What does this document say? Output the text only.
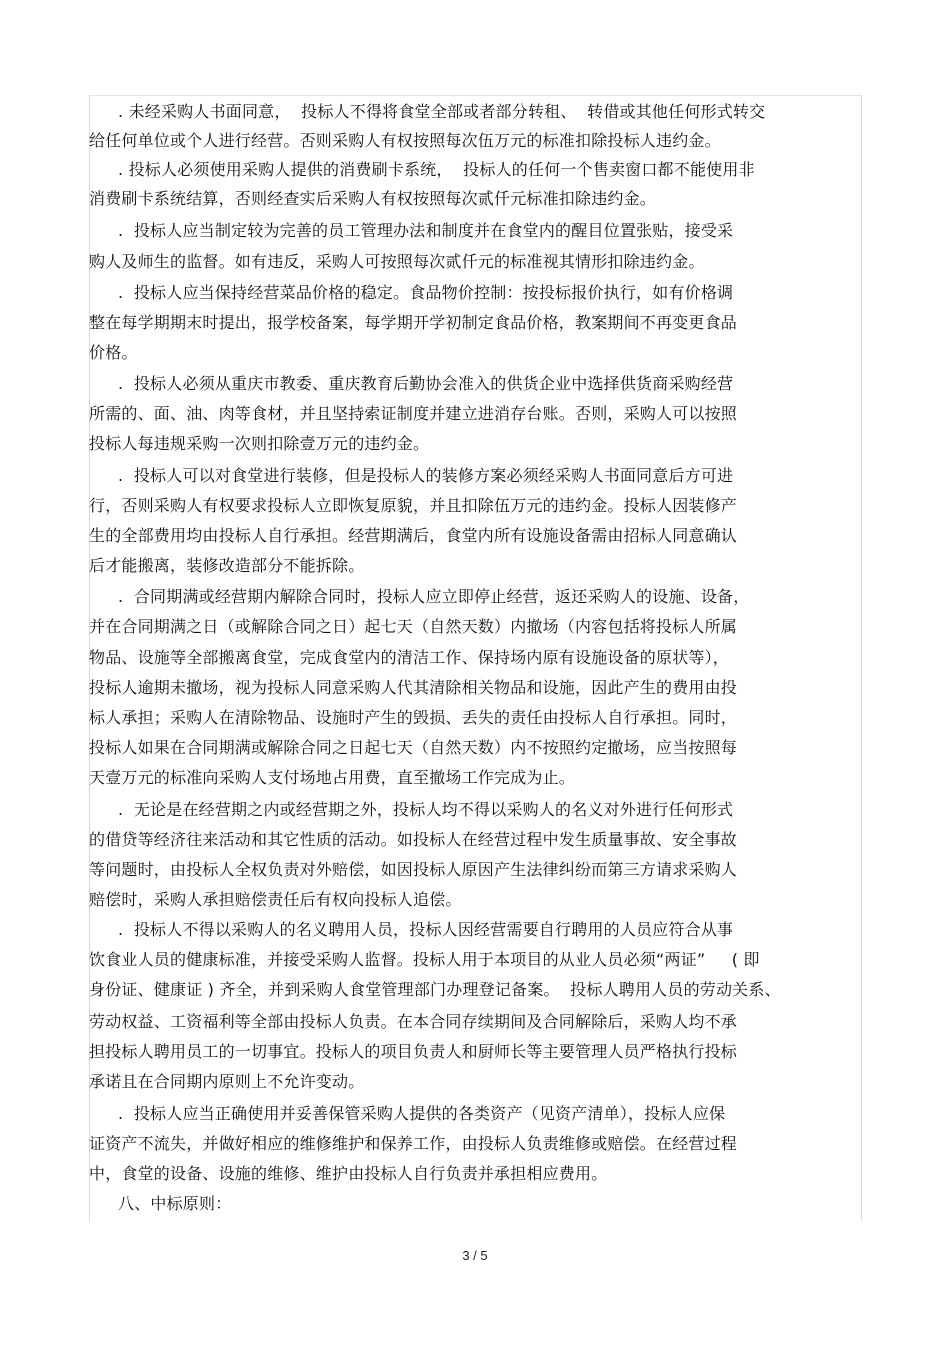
. 未经采购人书面同意，  投标人不得将食堂全部或者部分转租、  转借或其他任何形式转交
给任何单位或个人进行经营。否则采购人有权按照每次伍万元的标准扣除投标人违约金。
. 投标人必须使用采购人提供的消费刷卡系统，  投标人的任何一个售卖窗口都不能使用非
消费刷卡系统结算，否则经查实后采购人有权按照每次贰仟元标准扣除违约金。
.  投标人应当制定较为完善的员工管理办法和制度并在食堂内的醒目位置张贴，接受采
购人及师生的监督。如有违反，采购人可按照每次贰仟元的标准视其情形扣除违约金。
.  投标人应当保持经营菜品价格的稳定。食品物价控制：按投标报价执行，如有价格调
整在每学期期末时提出，报学校备案，每学期开学初制定食品价格，教案期间不再变更食品
价格。
.  投标人必须从重庆市教委、重庆教育后勤协会准入的供货企业中选择供货商采购经营
所需的、面、油、肉等食材，并且坚持索证制度并建立进消存台账。否则，采购人可以按照
投标人每违规采购一次则扣除壹万元的违约金。
.  投标人可以对食堂进行装修，但是投标人的装修方案必须经采购人书面同意后方可进
行，否则采购人有权要求投标人立即恢复原貌，并且扣除伍万元的违约金。投标人因装修产
生的全部费用均由投标人自行承担。经营期满后，食堂内所有设施设备需由招标人同意确认
后才能搬离，装修改造部分不能拆除。
.  合同期满或经营期内解除合同时，投标人应立即停止经营，返还采购人的设施、设备，
并在合同期满之日（或解除合同之日）起七天（自然天数）内撤场（内容包括将投标人所属
物品、设施等全部搬离食堂，完成食堂内的清洁工作、保持场内原有设施设备的原状等），
投标人逾期未撤场，视为投标人同意采购人代其清除相关物品和设施，因此产生的费用由投
标人承担；采购人在清除物品、设施时产生的毁损、丢失的责任由投标人自行承担。同时，
投标人如果在合同期满或解除合同之日起七天（自然天数）内不按照约定撤场，应当按照每
天壹万元的标准向采购人支付场地占用费，直至撤场工作完成为止。
.  无论是在经营期之内或经营期之外，投标人均不得以采购人的名义对外进行任何形式
的借贷等经济往来活动和其它性质的活动。如投标人在经营过程中发生质量事故、安全事故
等问题时，由投标人全权负责对外赔偿，如因投标人原因产生法律纠纷而第三方请求采购人
赔偿时，采购人承担赔偿责任后有权向投标人追偿。
.  投标人不得以采购人的名义聘用人员，投标人因经营需要自行聘用的人员应符合从事
饮食业人员的健康标准，并接受采购人监督。投标人用于本项目的从业人员必须“两证”     ( 即
身份证、健康证 ) 齐全，并到采购人食堂管理部门办理登记备案。  投标人聘用人员的劳动关系、
劳动权益、工资福利等全部由投标人负责。在本合同存续期间及合同解除后，采购人均不承
担投标人聘用员工的一切事宜。投标人的项目负责人和厨师长等主要管理人员严格执行投标
承诺且在合同期内原则上不允许变动。
.  投标人应当正确使用并妥善保管采购人提供的各类资产（见资产清单），投标人应保
证资产不流失，并做好相应的维修维护和保养工作，由投标人负责维修或赔偿。在经营过程
中，食堂的设备、设施的维修、维护由投标人自行负责并承担相应费用。
八、中标原则：
3 / 5
